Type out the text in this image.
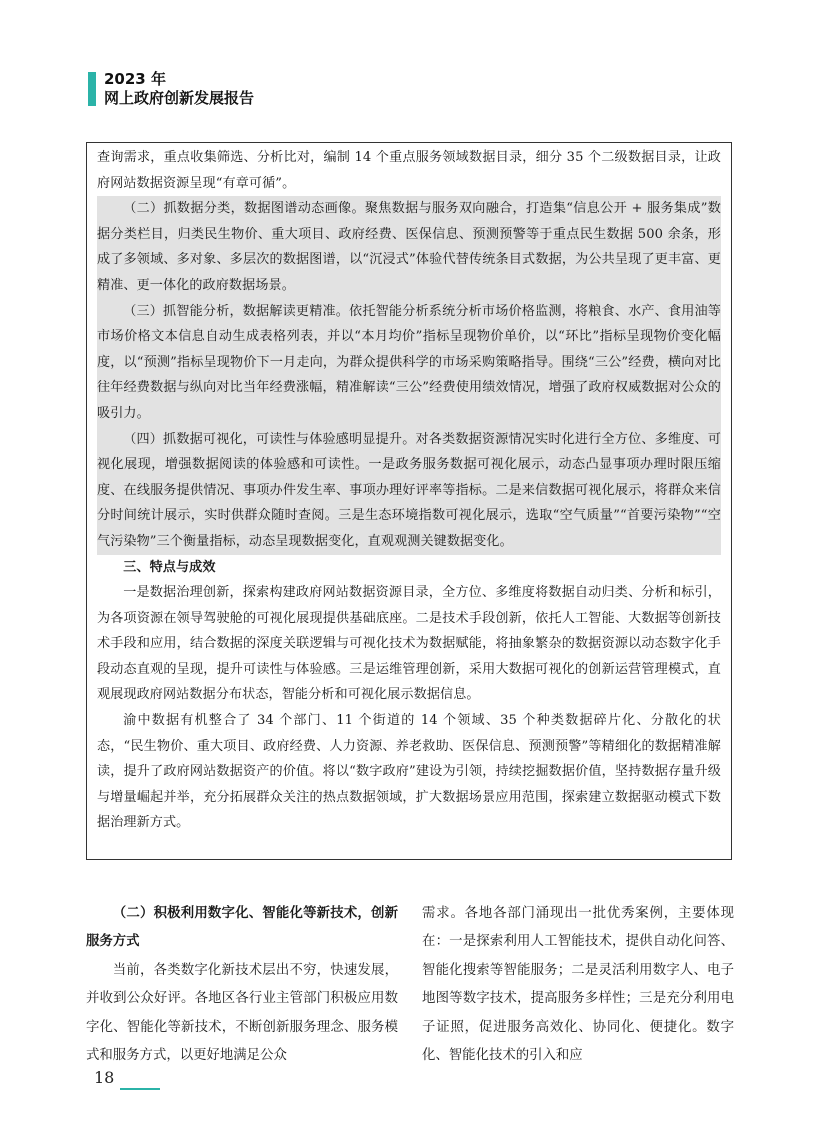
2023 年
网上政府创新发展报告

查询需求，重点收集筛选、分析比对，编制 14 个重点服务领域数据目录，细分 35 个二级数据目录，让政府网站数据资源呈现“有章可循”。

（二）抓数据分类，数据图谱动态画像。聚焦数据与服务双向融合，打造集“信息公开 + 服务集成”数据分类栏目，归类民生物价、重大项目、政府经费、医保信息、预测预警等于重点民生数据 500 余条，形成了多领域、多对象、多层次的数据图谱，以“沉浸式”体验代替传统条目式数据，为公共呈现了更丰富、更精准、更一体化的政府数据场景。

（三）抓智能分析，数据解读更精准。依托智能分析系统分析市场价格监测，将粮食、水产、食用油等市场价格文本信息自动生成表格列表，并以“本月均价”指标呈现物价单价，以“环比”指标呈现物价变化幅度，以“预测”指标呈现物价下一月走向，为群众提供科学的市场采购策略指导。围绕“三公”经费，横向对比往年经费数据与纵向对比当年经费涨幅，精准解读“三公”经费使用绩效情况，增强了政府权威数据对公众的吸引力。

（四）抓数据可视化，可读性与体验感明显提升。对各类数据资源情况实时化进行全方位、多维度、可视化展现，增强数据阅读的体验感和可读性。一是政务服务数据可视化展示，动态凸显事项办理时限压缩度、在线服务提供情况、事项办件发生率、事项办理好评率等指标。二是来信数据可视化展示，将群众来信分时间统计展示，实时供群众随时查阅。三是生态环境指数可视化展示，选取“空气质量”“首要污染物”“空气污染物”三个衡量指标，动态呈现数据变化，直观观测关键数据变化。

三、特点与成效

一是数据治理创新，探索构建政府网站数据资源目录，全方位、多维度将数据自动归类、分析和标引，为各项资源在领导驾驶舱的可视化展现提供基础底座。二是技术手段创新，依托人工智能、大数据等创新技术手段和应用，结合数据的深度关联逻辑与可视化技术为数据赋能，将抽象繁杂的数据资源以动态数字化手段动态直观的呈现，提升可读性与体验感。三是运维管理创新，采用大数据可视化的创新运营管理模式，直观展现政府网站数据分布状态，智能分析和可视化展示数据信息。

渝中数据有机整合了 34 个部门、11 个街道的 14 个领域、35 个种类数据碎片化、分散化的状态，“民生物价、重大项目、政府经费、人力资源、养老救助、医保信息、预测预警”等精细化的数据精准解读，提升了政府网站数据资产的价值。将以“数字政府”建设为引领，持续挖掘数据价值，坚持数据存量升级与增量崛起并举，充分拓展群众关注的热点数据领域，扩大数据场景应用范围，探索建立数据驱动模式下数据治理新方式。

（二）积极利用数字化、智能化等新技术，创新服务方式

当前，各类数字化新技术层出不穷，快速发展，并收到公众好评。各地区各行业主管部门积极应用数字化、智能化等新技术，不断创新服务理念、服务模式和服务方式，以更好地满足公众

需求。各地各部门涌现出一批优秀案例，主要体现在：一是探索利用人工智能技术，提供自动化问答、智能化搜索等智能服务；二是灵活利用数字人、电子地图等数字技术，提高服务多样性；三是充分利用电子证照，促进服务高效化、协同化、便捷化。数字化、智能化技术的引入和应

18
